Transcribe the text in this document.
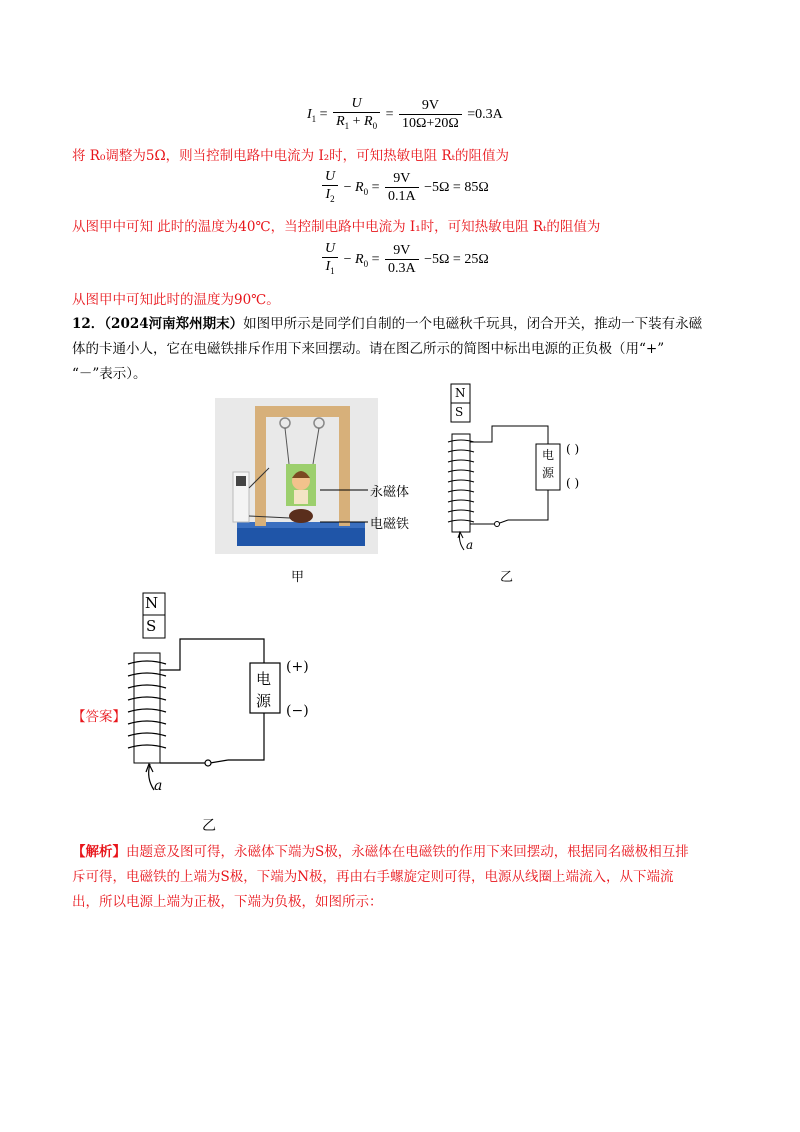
$I_1 = \frac{U}{R_1 + R_0} = \frac{9V}{10\Omega+20\Omega} =0.3A$
将 R₀调整为5Ω，则当控制电路中电流为 I₂时，可知热敏电阻 Rₜ的阻值为
$\frac{U}{I_2} - R_0 = \frac{9V}{0.1A} -5\Omega = 85\Omega$
从图甲中可知 此时的温度为40℃，当控制电路中电流为 I₁时，可知热敏电阻 Rₜ的阻值为
$\frac{U}{I_1} - R_0 = \frac{9V}{0.3A} -5\Omega = 25\Omega$
从图甲中可知此时的温度为90℃。
12．（2024河南郑州期末）如图甲所示是同学们自制的一个电磁秋千玩具，闭合开关，推动一下装有永磁
体的卡通小人，它在电磁铁排斥作用下来回摆动。请在图乙所示的简图中标出电源的正负极（用“+”
“－”表示）。
永磁体
电磁铁
甲
N
S
电
源
( )
( )
a
乙
【答案】
N
S
电
源
(+)
(−)
a
乙
【解析】由题意及图可得，永磁体下端为S极，永磁体在电磁铁的作用下来回摆动，根据同名磁极相互排
斥可得，电磁铁的上端为S极，下端为N极，再由右手螺旋定则可得，电源从线圈上端流入，从下端流
出，所以电源上端为正极，下端为负极，如图所示：
